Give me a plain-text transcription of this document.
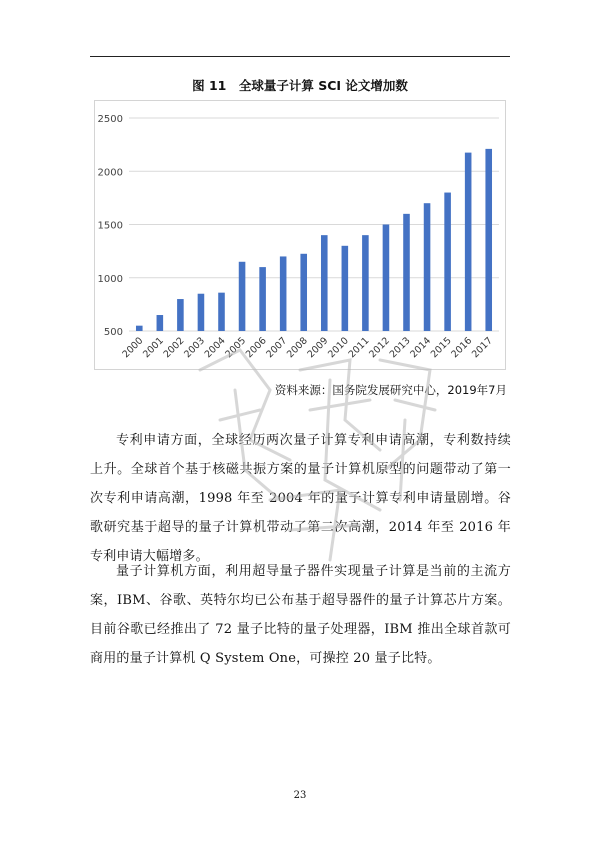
图 11　全球量子计算 SCI 论文增加数
500
1000
1500
2000
2500
2000
2001
2002
2003
2004
2005
2006
2007
2008
2009
2010
2011
2012
2013
2014
2015
2016
2017
资料来源：国务院发展研究中心，2019年7月

专利申请方面，全球经历两次量子计算专利申请高潮，专利数持续上升。全球首个基于核磁共振方案的量子计算机原型的问题带动了第一次专利申请高潮，1998 年至 2004 年的量子计算专利申请量剧增。谷歌研究基于超导的量子计算机带动了第二次高潮，2014 年至 2016 年专利申请大幅增多。

量子计算机方面，利用超导量子器件实现量子计算是当前的主流方案，IBM、谷歌、英特尔均已公布基于超导器件的量子计算芯片方案。目前谷歌已经推出了 72 量子比特的量子处理器，IBM 推出全球首款可商用的量子计算机 Q System One，可操控 20 量子比特。

23
